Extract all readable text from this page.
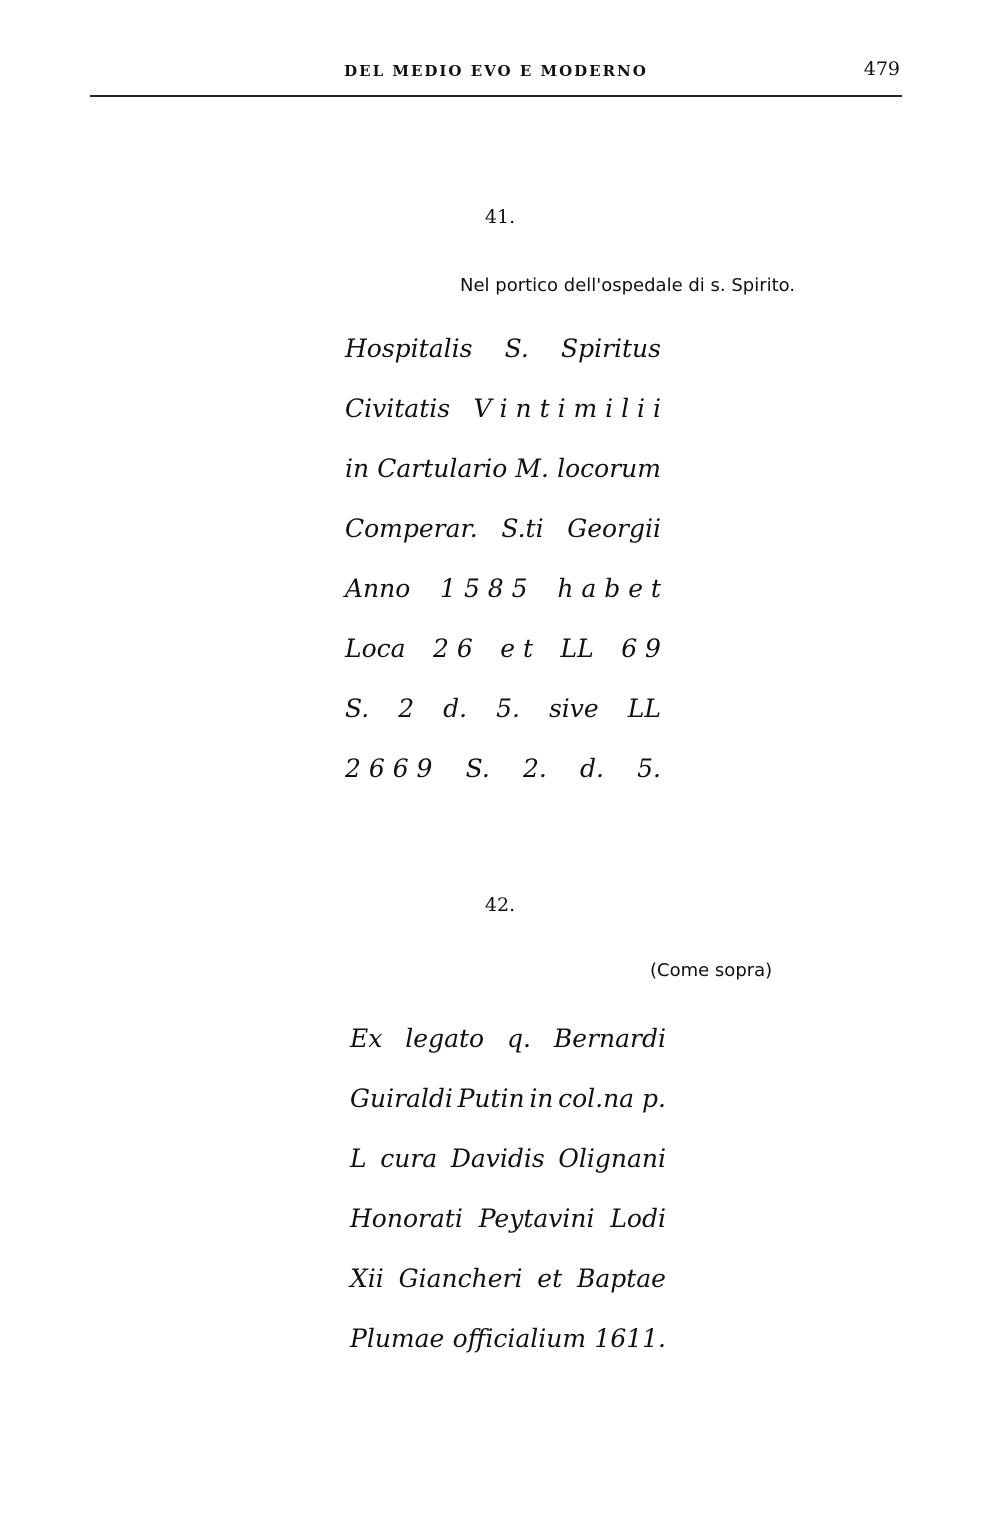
DEL MEDIO EVO E MODERNO	479
41.
Nel portico dell'ospedale di s. Spirito.
Hospitalis S. Spiritus
Civitatis V i n t i m i l i i
in Cartulario M. locorum
Comperar. S.ti Georgii
Anno 1 5 8 5 h a b e t
Loca 2 6 e t LL 6 9
S. 2 d. 5. sive LL
2 6 6 9 S. 2. d. 5.
42.
(Come sopra)
Ex legato q. Bernardi
Guiraldi Putin in col.na p.
L cura Davidis Olignani
Honorati Peytavini Lodi
Xii Giancheri et Baptae
Plumae officialium 1611.
